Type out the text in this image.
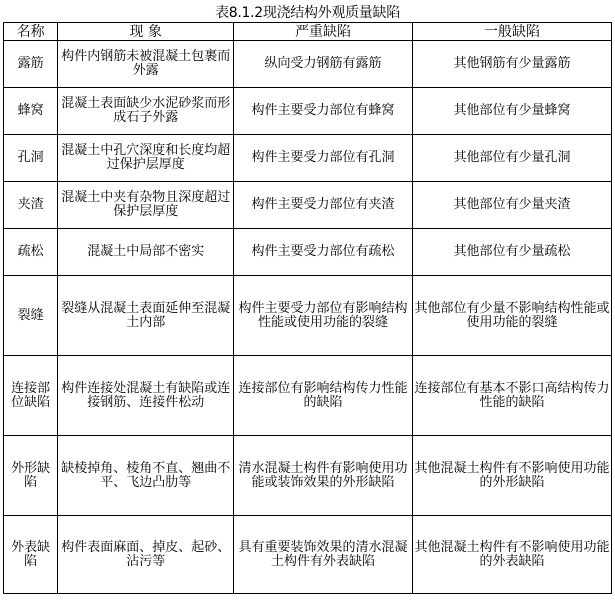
表8.1.2现浇结构外观质量缺陷
名称	现 象	严重缺陷	一般缺陷
露筋	构件内钢筋未被混凝土包裹而外露	纵向受力钢筋有露筋	其他钢筋有少量露筋
蜂窝	混凝土表面缺少水泥砂浆而形成石子外露	构件主要受力部位有蜂窝	其他部位有少量蜂窝
孔洞	混凝土中孔穴深度和长度均超过保护层厚度	构件主要受力部位有孔洞	其他部位有少量孔洞
夹渣	混凝土中夹有杂物且深度超过保护层厚度	构件主要受力部位有夹渣	其他部位有少量夹渣
疏松	混凝土中局部不密实	构件主要受力部位有疏松	其他部位有少量疏松
裂缝	裂缝从混凝土表面延伸至混凝土内部	构件主要受力部位有影响结构性能或使用功能的裂缝	其他部位有少量不影响结构性能或使用功能的裂缝
连接部位缺陷	构件连接处混凝土有缺陷或连接钢筋、连接件松动	连接部位有影响结构传力性能的缺陷	连接部位有基本不影口高结构传力性能的缺陷
外形缺陷	缺棱掉角、棱角不直、翘曲不平、飞边凸肋等	清水混凝土构件有影响使用功能或装饰效果的外形缺陷	其他混凝土构件有不影响使用功能的外形缺陷
外表缺陷	构件表面麻面、掉皮、起砂、沾污等	具有重要装饰效果的清水混凝土构件有外表缺陷	其他混凝土构件有不影响使用功能的外表缺陷
